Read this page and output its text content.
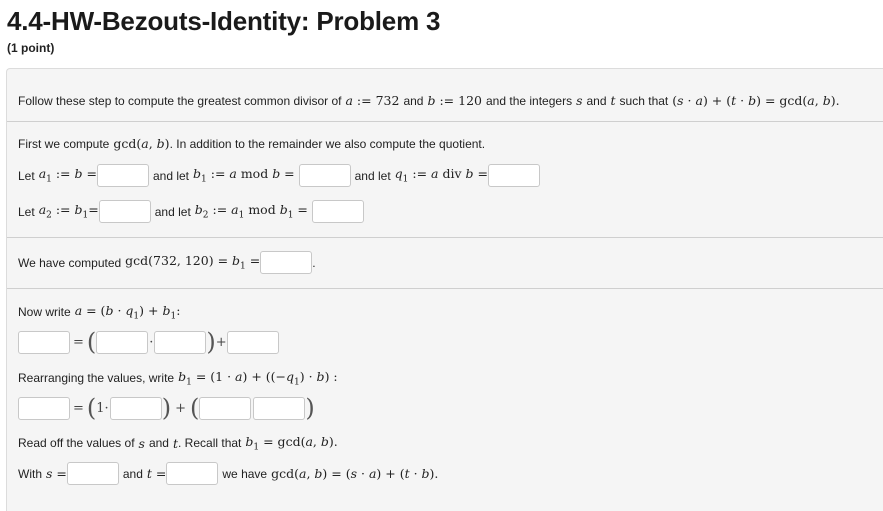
4.4-HW-Bezouts-Identity: Problem 3
(1 point)
Follow these step to compute the greatest common divisor of a := 732 and b := 120 and the integers s and t such that (s · a) + (t · b) = gcd(a, b).
First we compute gcd(a, b) . In addition to the remainder we also compute the quotient.
Let $a_1$ := b =	and let $b_1$ := a mod b =	and let $q_1$ := a div b =
Let $a_2$ := $b_1=$	and let $b_2$ := $a_1$ mod $b_1$ =
We have computed gcd(732, $120) = b_1$ =	.
Now write $a = (b \cdot q_1) + b_1$:
= (	· ) +
Rearranging the values, write $b_1 = (1 \cdot a) + ((-q_1) \cdot b)$ :
= ( 1· ) + (	)
Read off the values of s and t . Recall that $b_1 = \gcd(a$, b).
With s =	and t =	we have gcd(a, b) = (s · a) + (t · b).
